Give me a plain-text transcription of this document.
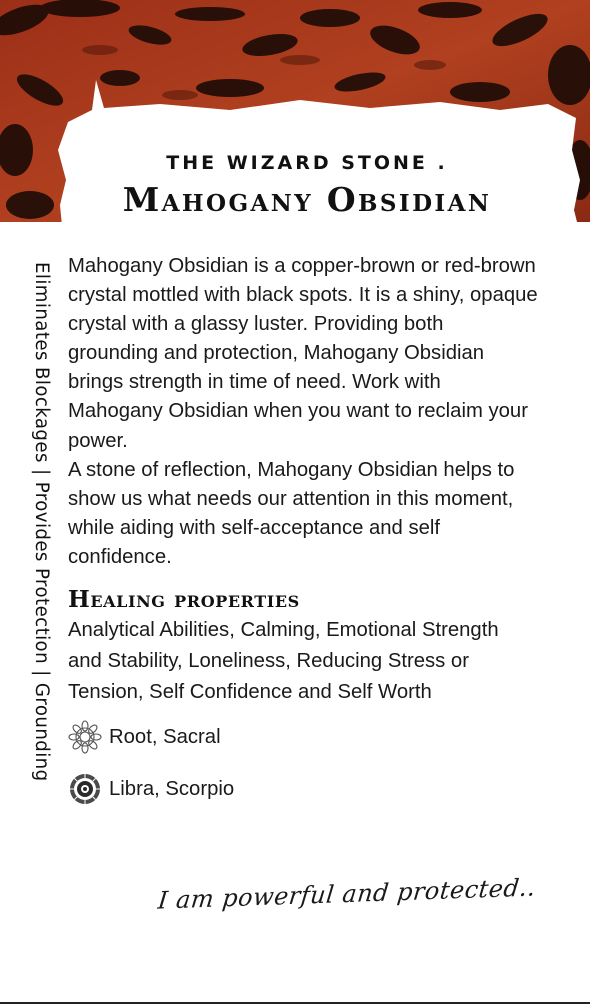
THE WIZARD STONE .
Mahogany Obsidian
Eliminates Blockages | Provides Protection | Grounding Mahogany Obsidian is a copper-brown or red-brown crystal mottled with black spots. It is a shiny, opaque crystal with a glassy luster. Providing both grounding and protection, Mahogany Obsidian brings strength in time of need. Work with Mahogany Obsidian when you want to reclaim your power.

A stone of reflection, Mahogany Obsidian helps to show us what needs our attention in this moment, while aiding with self-acceptance and self confidence.

Healing properties
Analytical Abilities, Calming, Emotional Strength and Stability, Loneliness, Reducing Stress or Tension, Self Confidence and Self Worth
Root, Sacral
Libra, Scorpio
I am powerful and protected..
